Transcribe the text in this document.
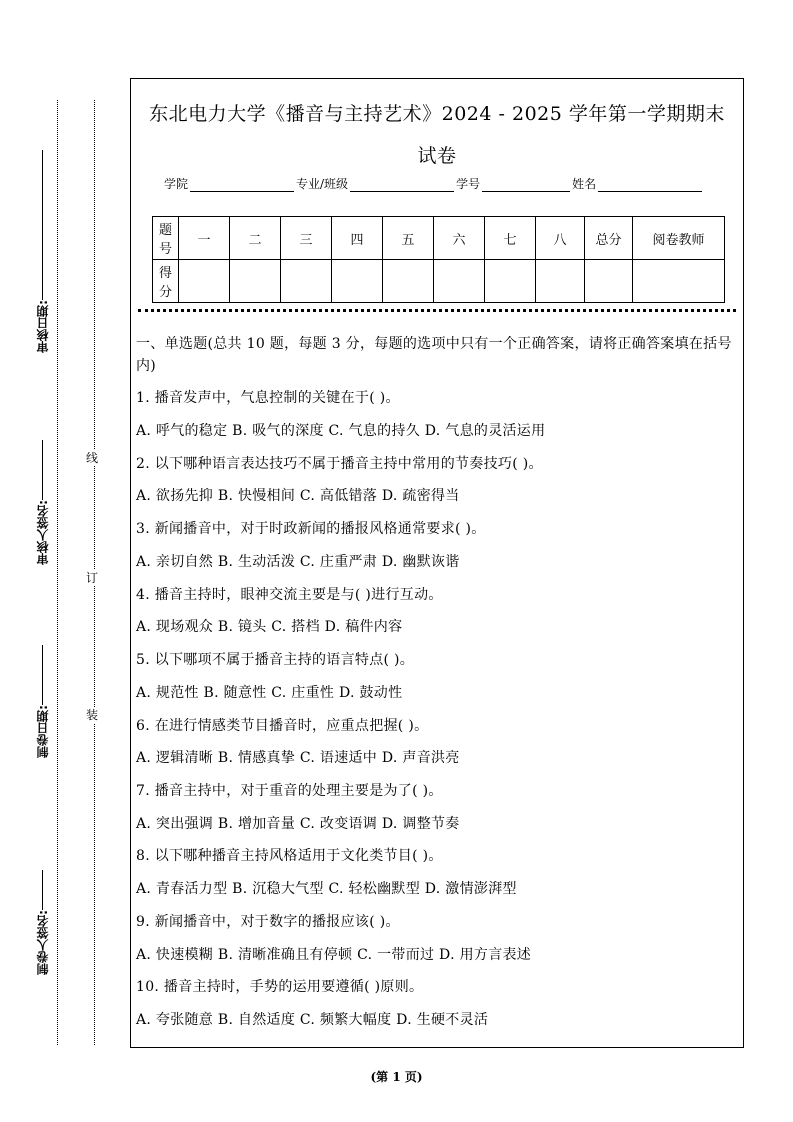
审核日期:
审核人签名:
制卷日期:
制卷人签名:
线
订
装
东北电力大学《播音与主持艺术》2024 - 2025 学年第一学期期末
试卷
学院	专业/班级	学号	姓名
题号	一	二	三	四	五	六	七	八	总分	阅卷教师
得分										
一、单选题(总共 10 题，每题 3 分，每题的选项中只有一个正确答案，请将正确答案填在括号内)
1. 播音发声中，气息控制的关键在于( )。
A. 呼气的稳定 B. 吸气的深度 C. 气息的持久 D. 气息的灵活运用
2. 以下哪种语言表达技巧不属于播音主持中常用的节奏技巧( )。
A. 欲扬先抑 B. 快慢相间 C. 高低错落 D. 疏密得当
3. 新闻播音中，对于时政新闻的播报风格通常要求( )。
A. 亲切自然 B. 生动活泼 C. 庄重严肃 D. 幽默诙谐
4. 播音主持时，眼神交流主要是与( )进行互动。
A. 现场观众 B. 镜头 C. 搭档 D. 稿件内容
5. 以下哪项不属于播音主持的语言特点( )。
A. 规范性 B. 随意性 C. 庄重性 D. 鼓动性
6. 在进行情感类节目播音时，应重点把握( )。
A. 逻辑清晰 B. 情感真挚 C. 语速适中 D. 声音洪亮
7. 播音主持中，对于重音的处理主要是为了( )。
A. 突出强调 B. 增加音量 C. 改变语调 D. 调整节奏
8. 以下哪种播音主持风格适用于文化类节目( )。
A. 青春活力型 B. 沉稳大气型 C. 轻松幽默型 D. 激情澎湃型
9. 新闻播音中，对于数字的播报应该( )。
A. 快速模糊 B. 清晰准确且有停顿 C. 一带而过 D. 用方言表述
10. 播音主持时，手势的运用要遵循( )原则。
A. 夸张随意 B. 自然适度 C. 频繁大幅度 D. 生硬不灵活
(第 1 页)
